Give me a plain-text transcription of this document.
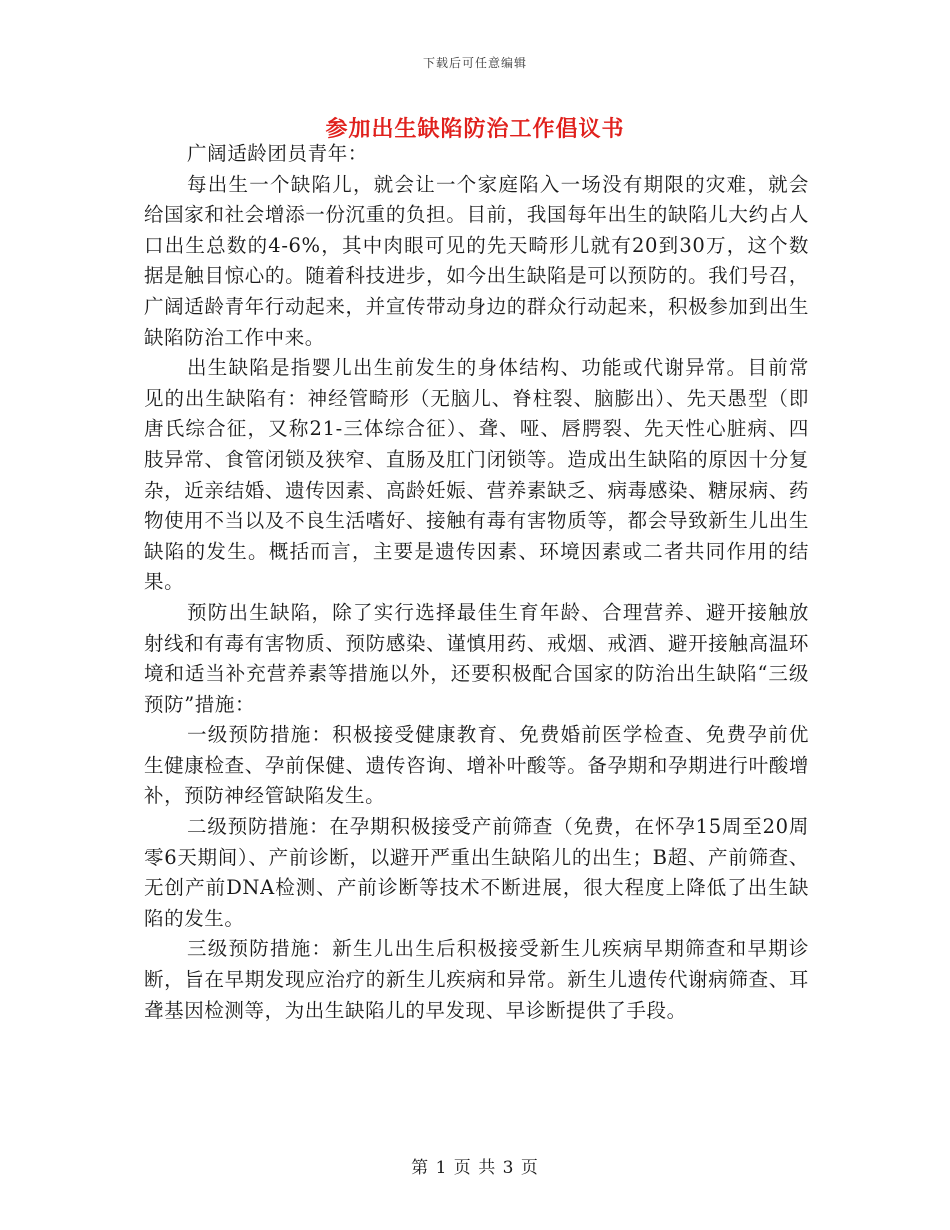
下载后可任意编辑
参加出生缺陷防治工作倡议书

广阔适龄团员青年：

每出生一个缺陷儿，就会让一个家庭陷入一场没有期限的灾难，就会给国家和社会增添一份沉重的负担。目前，我国每年出生的缺陷儿大约占人口出生总数的4-6%，其中肉眼可见的先天畸形儿就有20到30万，这个数据是触目惊心的。随着科技进步，如今出生缺陷是可以预防的。我们号召，广阔适龄青年行动起来，并宣传带动身边的群众行动起来，积极参加到出生缺陷防治工作中来。

出生缺陷是指婴儿出生前发生的身体结构、功能或代谢异常。目前常见的出生缺陷有：神经管畸形（无脑儿、脊柱裂、脑膨出）、先天愚型（即唐氏综合征，又称21-三体综合征）、聋、哑、唇腭裂、先天性心脏病、四肢异常、食管闭锁及狭窄、直肠及肛门闭锁等。造成出生缺陷的原因十分复杂，近亲结婚、遗传因素、高龄妊娠、营养素缺乏、病毒感染、糖尿病、药物使用不当以及不良生活嗜好、接触有毒有害物质等，都会导致新生儿出生缺陷的发生。概括而言，主要是遗传因素、环境因素或二者共同作用的结果。

预防出生缺陷，除了实行选择最佳生育年龄、合理营养、避开接触放射线和有毒有害物质、预防感染、谨慎用药、戒烟、戒酒、避开接触高温环境和适当补充营养素等措施以外，还要积极配合国家的防治出生缺陷“三级预防”措施：

一级预防措施：积极接受健康教育、免费婚前医学检查、免费孕前优生健康检查、孕前保健、遗传咨询、增补叶酸等。备孕期和孕期进行叶酸增补，预防神经管缺陷发生。

二级预防措施：在孕期积极接受产前筛查（免费，在怀孕15周至20周零6天期间）、产前诊断，以避开严重出生缺陷儿的出生；B超、产前筛查、无创产前DNA检测、产前诊断等技术不断进展，很大程度上降低了出生缺陷的发生。

三级预防措施：新生儿出生后积极接受新生儿疾病早期筛查和早期诊断，旨在早期发现应治疗的新生儿疾病和异常。新生儿遗传代谢病筛查、耳聋基因检测等，为出生缺陷儿的早发现、早诊断提供了手段。

第 1 页 共 3 页
